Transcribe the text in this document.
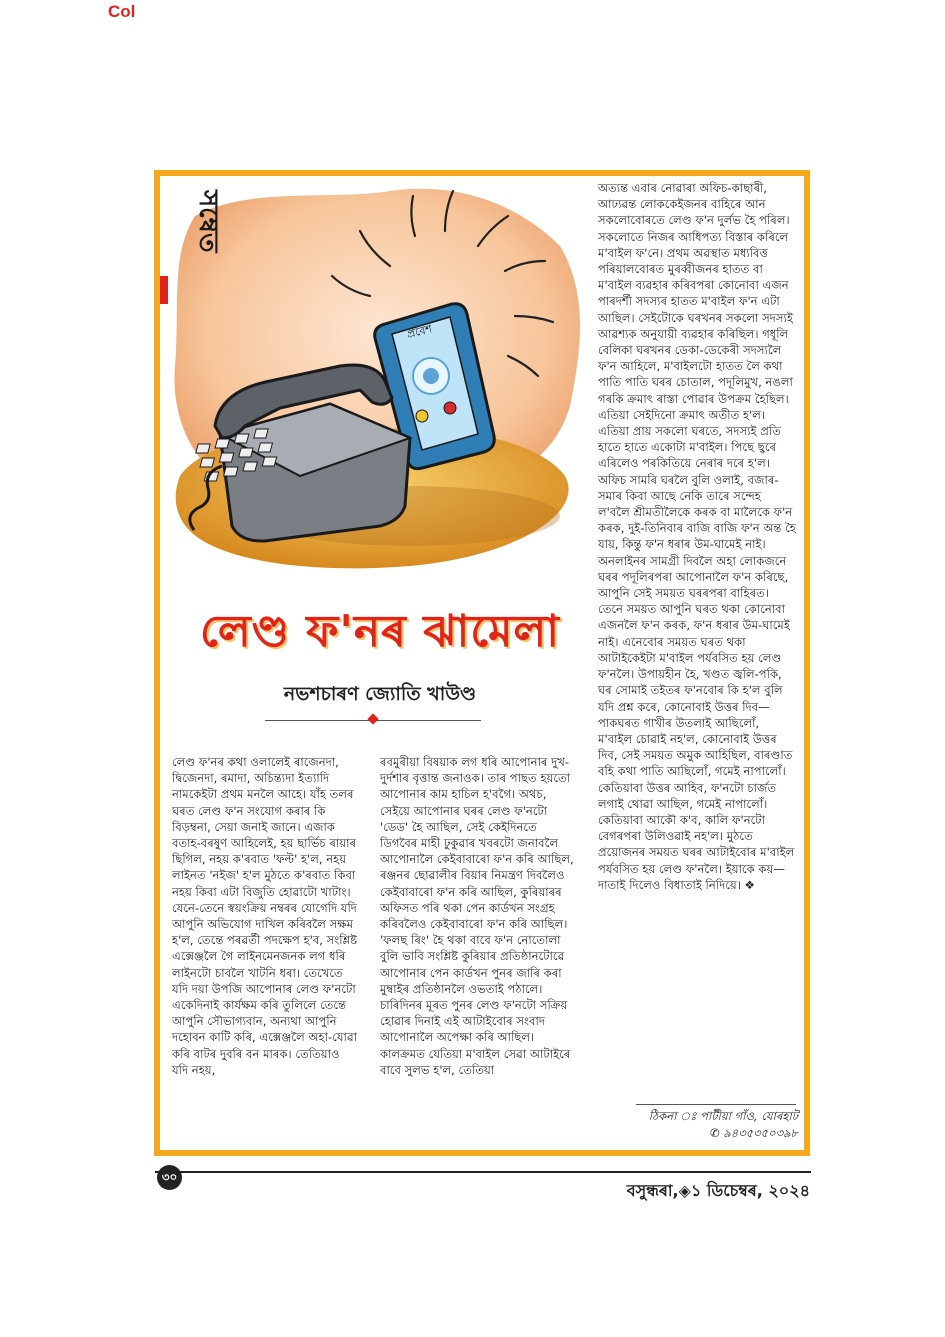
Col
প্ৰবেশ
সম্বেত
লেণ্ড ফ'নৰ ঝামেলা
নভশচাৰণ জ্যোতি খাউণ্ড

লেণ্ড ফ'নৰ কথা ওলালেই ৰাজেনদা, দ্বিজেনদা, ৰমাদা, অচিন্ত্যদা ইত্যাদি নামকেইটা প্ৰথম মনলৈ আহে। যাঁহ তলৰ ঘৰত লেণ্ড ফ'ন সংযোগ কৰাৰ কি বিড়ম্বনা, সেয়া জনাই জানে। এজাক বতাহ-বৰষুণ আহিলেই, হয় ছাৰ্ভিচ ৰায়াৰ ছিগিল, নহয় ক'ৰবাত 'ফল্ট' হ'ল, নহয় লাইনত 'নইজ' হ'ল মুঠতে ক'ৰবাত কিবা নহয় কিবা এটা বিজুতি হোৱাটো খাটাং। যেনে-তেনে স্বয়ংক্ৰিয় নম্বৰৰ যোগেদি যদি আপুনি অভিযোগ দাখিল কৰিবলৈ সক্ষম হ'ল, তেন্তে পৰৱৰ্তী পদক্ষেপ হ'ব, সংশ্লিষ্ট এক্সেঞ্জলৈ গৈ লাইনমেনজনক লগ ধৰি লাইনটো চাবলৈ খাটনি ধৰা। তেখেতে যদি দয়া উপজি আপোনাৰ লেণ্ড ফ'নটো একেদিনাই কাৰ্যক্ষম কৰি তুলিলে তেন্তে আপুনি সৌভাগ্যবান, অন্যথা আপুনি দহোবন কাটি কৰি, এক্সেঞ্জলৈ অহা-যোৱা কৰি বাটৰ দুবৰি বন মাৰক। তেতিয়াও যদি নহয়,

ৰবমুৰীয়া বিষয়াক লগ ধৰি আপোনাৰ দুখ-দুৰ্দশাৰ বৃত্তান্ত জনাওক। তাৰ পাছত হয়তো আপোনাৰ কাম হাচিল হ'বগৈ। অথচ, সেইয়ে আপোনাৰ ঘৰৰ লেণ্ড ফ'নটো 'ডেড' হৈ আছিল, সেই কেইদিনতে ডিগবৈৰ মাহী ঢুকুৱাৰ খবৰটো জনাবলৈ আপোনালৈ কেইবাবাৰো ফ'ন কৰি আছিল, ৰঞ্জনৰ ছোৱালীৰ বিয়াৰ নিমন্ত্ৰণ দিবলৈও কেইবাবাৰো ফ'ন কৰি আছিল, কুৰিয়াৰৰ অফিসত পৰি থকা পেন কাৰ্ডখন সংগ্ৰহ কৰিবলৈও কেইবাবাৰো ফ'ন কৰি আছিল। 'ফলছ ৰিং' হৈ থকা বাবে ফ'ন নোতোলা বুলি ভাবি সংশ্লিষ্ট কুৰিয়াৰ প্ৰতিষ্ঠানটোৱে আপোনাৰ পেন কাৰ্ডখন পুনৰ জাৰি কৰা মুম্বাইৰ প্ৰতিষ্ঠানলৈ ওভতাই পঠালে। চাৰিদিনৰ মূৰত পুনৰ লেণ্ড ফ'নটো সক্ৰিয় হোৱাৰ দিনাই এই আটাইবোৰ সংবাদ আপোনালৈ অপেক্ষা কৰি আছিল। কালক্ৰমত যেতিয়া ম'বাইল সেৱা আটাইৰে বাবে সুলভ হ'ল, তেতিয়া

অত্যন্ত এবাৰ নোৱাৰা অফিচ-কাছাৰী, আঢ্যৱন্ত লোককেইজনৰ বাহিৰে আন সকলোবোৰতে লেণ্ড ফ'ন দুৰ্লভ হৈ পৰিল। সকলোতে নিজৰ আধিপত্য বিস্তাৰ কৰিলে ম'বাইল ফ'নে। প্ৰথম অৱস্থাত মধ্যবিত্ত পৰিয়ালবোৰত মুৰব্বীজনৰ হাতত বা ম'বাইল ব্যৱহাৰ কৰিবপৰা কোনোবা এজন পাৰদৰ্শী সদস্যৰ হাতত ম'বাইল ফ'ন এটা আছিল। সেইটোকে ঘৰখনৰ সকলো সদস্যই আৱশ্যক অনুযায়ী ব্যৱহাৰ কৰিছিল। গধূলি বেলিকা ঘৰখনৰ ডেকা-ডেকেৰী সদস্যলৈ ফ'ন আহিলে, ম'বাইলটো হাতত লৈ কথা পাতি পাতি ঘৰৰ চোতাল, পদূলিমুখ, নঙলা গৰকি ক্ৰমাৎ ৰাস্তা পোৱাৰ উপক্ৰম হৈছিল। এতিয়া সেইদিনো ক্ৰমাৎ অতীত হ'ল। এতিয়া প্ৰায় সকলো ঘৰতে, সদস্যই প্ৰতি হাতে হাতে একোটা ম'বাইল। পিছে ছ্বৰে এৰিলেও পৰকিতিয়ে নেৰাৰ দৰে হ'ল। অফিচ সামৰি ঘৰলৈ বুলি ওলাই, বজাৰ- সমাৰ কিবা আছে নেকি তাৰে সন্দেহ ল'বলৈ শ্ৰীমতীলৈকে কৰক বা মালৈকে ফ'ন কৰক, দুই-তিনিবাৰ বাজি বাজি ফ'ন অন্ত হৈ যায়, কিন্তু ফ'ন ধৰাৰ উম-ঘামেই নাই। অনলাইনৰ সামগ্ৰী দিবলৈ অহা লোকজনে ঘৰৰ পদূলিৰপৰা আপোনালৈ ফ'ন কৰিছে, আপুনি সেই সময়ত ঘৰৰপৰা বাহিৰত। তেনে সময়ত আপুনি ঘৰত থকা কোনোবা এজনলৈ ফ'ন কৰক, ফ'ন ধৰাৰ উম-ঘামেই নাই। এনেবোৰ সময়ত ঘৰত থকা আটাইকেইটা ম'বাইল পৰ্যবসিত হয় লেণ্ড ফ'নলৈ। উপায়হীন হৈ, খণ্ডত জ্বলি-পকি, ঘৰ সোমাই তইতৰ ফ'নবোৰ কি হ'ল বুলি যদি প্ৰশ্ন কৰে, কোনোবাই উত্তৰ দিব—পাকঘৰত গাখীৰ উতলাই আছিলোঁ, ম'বাইল চোৱাই নহ'ল, কোনোবাই উত্তৰ দিব, সেই সময়ত অমুক আহিছিল, বাৰণ্ডাত বহি কথা পাতি আছিলোঁ, গমেই নাপালোঁ। কেতিয়াবা উত্তৰ আহিব, ফ'নটো চাৰ্জত লগাই থোৱা আছিল, গমেই নাপালোঁ। কেতিয়াবা আকৌ ক'ব, কালি ফ'নটো বেগৰপৰা উলিওৱাই নহ'ল। মুঠতে প্ৰয়োজনৰ সময়ত ঘৰৰ আটাইবোৰ ম'বাইল পৰ্যবসিত হয় লেণ্ড ফ'নলৈ। ইয়াকে কয়— দাতাই দিলেও বিধাতাই নিদিয়ে। ❖

ঠিকনা ঃ পাটীয়া গাঁও, যোৰহাট
✆ ৯৪৩৫৩৫০৩৯৮
৩০
বসুন্ধৰা,◈১ ডিচেম্বৰ, ২০২৪
